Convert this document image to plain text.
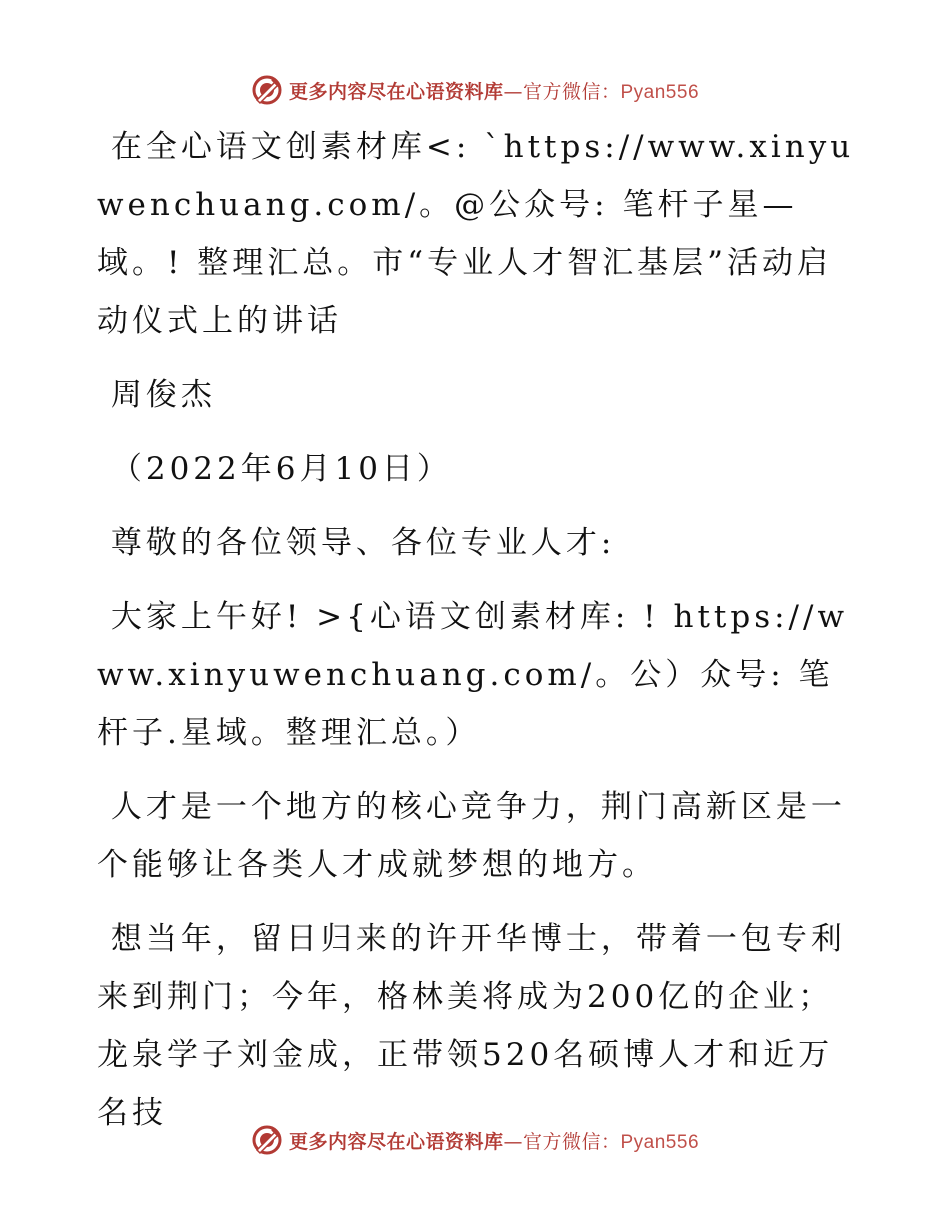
更多内容尽在心语资料库—官方微信：Pyan556

在全心语文创素材库<: `https://www.xinyuwenchuang.com/。@公众号: 笔杆子星—域。! 整理汇总。市“专业人才智汇基层”活动启动仪式上的讲话

周俊杰

（2022年6月10日）

尊敬的各位领导、各位专业人才:

大家上午好! >{心语文创素材库: ! https://www.xinyuwenchuang.com/。公）众号: 笔杆子.星域。整理汇总。）

人才是一个地方的核心竞争力，荆门高新区是一个能够让各类人才成就梦想的地方。

想当年，留日归来的许开华博士，带着一包专利来到荆门；今年，格林美将成为200亿的企业；龙泉学子刘金成，正带领520名硕博人才和近万名技

更多内容尽在心语资料库—官方微信：Pyan556
